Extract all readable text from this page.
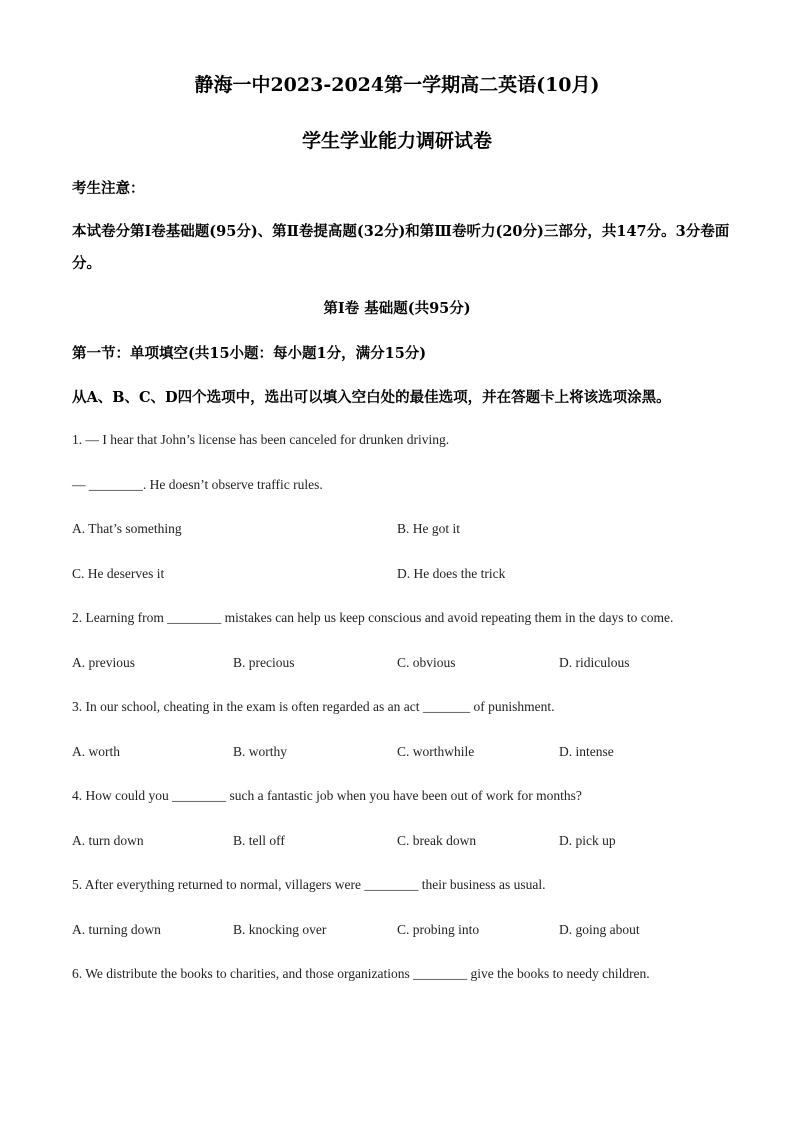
静海一中2023-2024第一学期高二英语(10月)
学生学业能力调研试卷
考生注意：
本试卷分第Ⅰ卷基础题(95分)、第Ⅱ卷提高题(32分)和第Ⅲ卷听力(20分)三部分，共147分。3分卷面分。
第Ⅰ卷 基础题(共95分)
第一节：单项填空(共15小题：每小题1分，满分15分)
从A、B、C、D四个选项中，选出可以填入空白处的最佳选项，并在答题卡上将该选项涂黑。
1. — I hear that John’s license has been canceled for drunken driving.
— ________. He doesn’t observe traffic rules.
A. That’s something	B. He got it
C. He deserves it	D. He does the trick
2. Learning from ________ mistakes can help us keep conscious and avoid repeating them in the days to come.
A. previous	B. precious	C. obvious	D. ridiculous
3. In our school, cheating in the exam is often regarded as an act _______ of punishment.
A. worth	B. worthy	C. worthwhile	D. intense
4. How could you ________ such a fantastic job when you have been out of work for months?
A. turn down	B. tell off	C. break down	D. pick up
5. After everything returned to normal, villagers were ________ their business as usual.
A. turning down	B. knocking over	C. probing into	D. going about
6. We distribute the books to charities, and those organizations ________ give the books to needy children.
